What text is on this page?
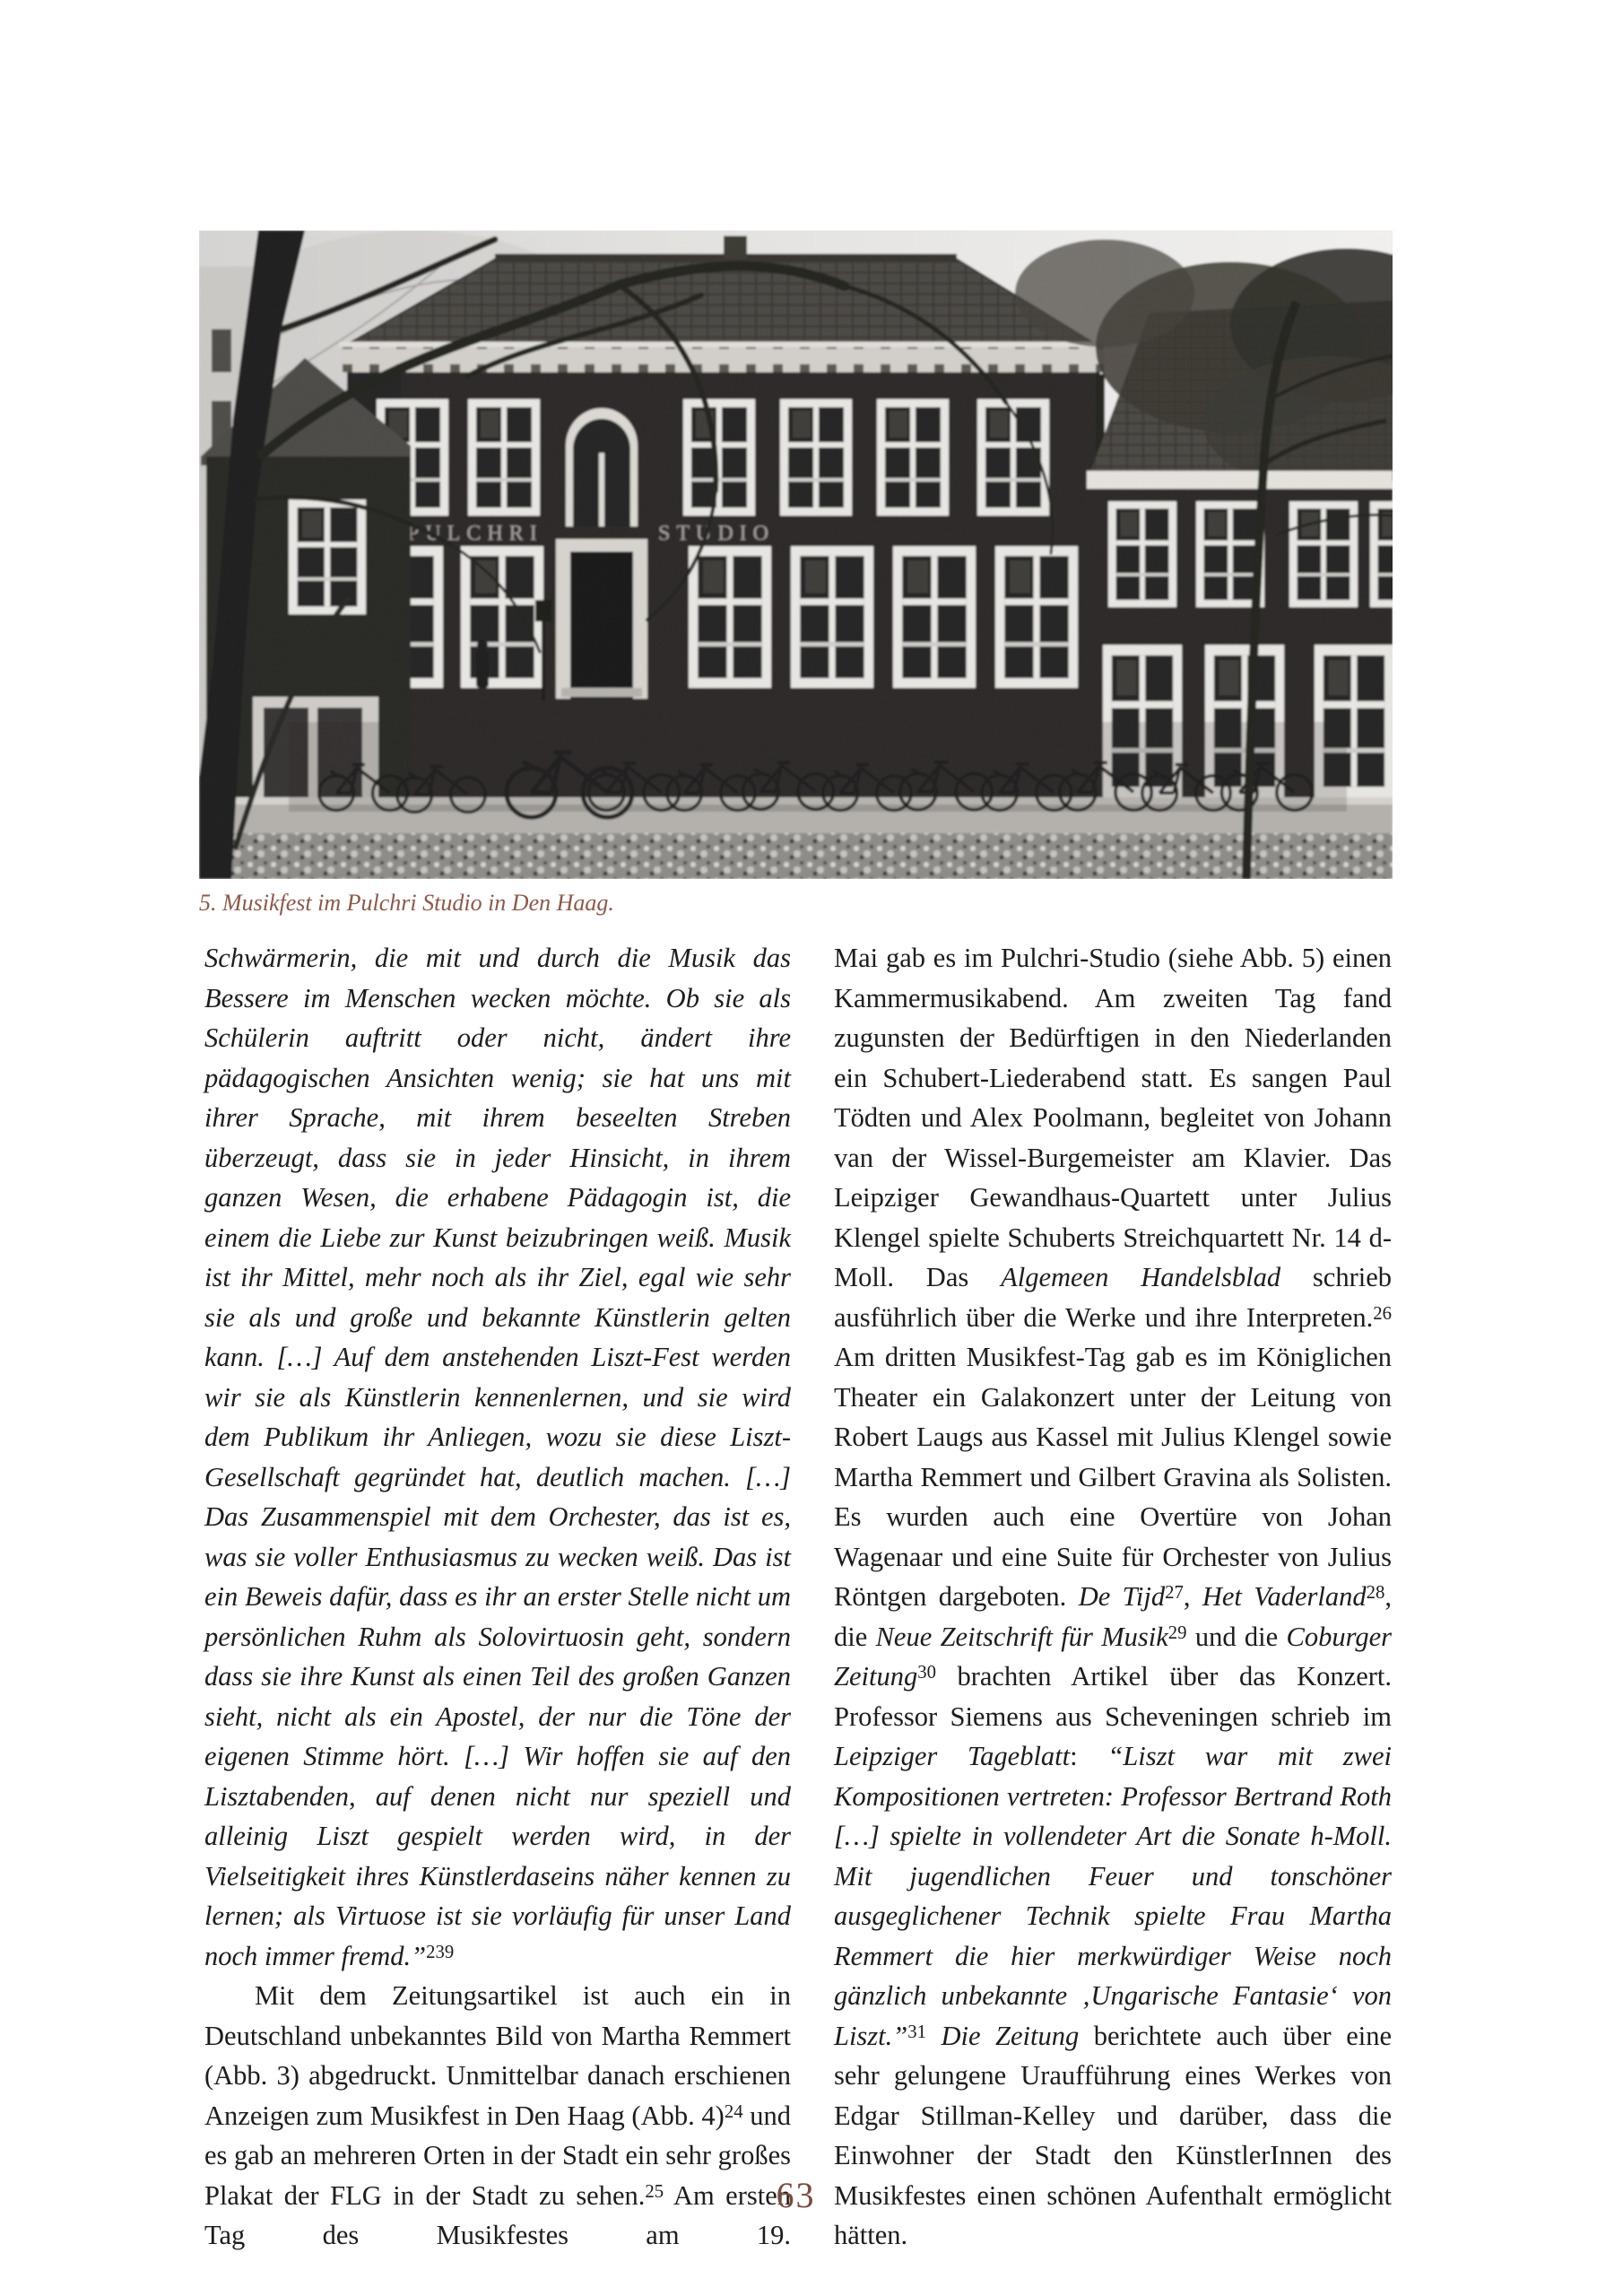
5. Musikfest im Pulchri Studio in Den Haag.

Schwärmerin, die mit und durch die Musik das Bessere im Menschen wecken möchte. Ob sie als Schülerin auftritt oder nicht, ändert ihre pädagogischen Ansichten wenig; sie hat uns mit ihrer Sprache, mit ihrem beseelten Streben überzeugt, dass sie in jeder Hinsicht, in ihrem ganzen Wesen, die erhabene Pädagogin ist, die einem die Liebe zur Kunst beizubringen weiß. Musik ist ihr Mittel, mehr noch als ihr Ziel, egal wie sehr sie als und große und bekannte Künstlerin gelten kann. […] Auf dem anstehenden Liszt-Fest werden wir sie als Künstlerin kennenlernen, und sie wird dem Publikum ihr Anliegen, wozu sie diese Liszt-Gesellschaft gegründet hat, deutlich machen. […] Das Zusammenspiel mit dem Orchester, das ist es, was sie voller Enthusiasmus zu wecken weiß. Das ist ein Beweis dafür, dass es ihr an erster Stelle nicht um persönlichen Ruhm als Solovirtuosin geht, sondern dass sie ihre Kunst als einen Teil des großen Ganzen sieht, nicht als ein Apostel, der nur die Töne der eigenen Stimme hört. […] Wir hoffen sie auf den Lisztabenden, auf denen nicht nur speziell und alleinig Liszt gespielt werden wird, in der Vielseitigkeit ihres Künstlerdaseins näher kennen zu lernen; als Virtuose ist sie vorläufig für unser Land noch immer fremd.”$^{239}$

Mit dem Zeitungsartikel ist auch ein in Deutschland unbekanntes Bild von Martha Remmert (Abb. 3) abgedruckt. Unmittelbar danach erschienen Anzeigen zum Musikfest in Den Haag (Abb. 4)$^{24}$ und es gab an mehreren Orten in der Stadt ein sehr großes Plakat der FLG in der Stadt zu sehen.$^{25}$ Am ersten Tag des Musikfestes am 19.

Mai gab es im Pulchri-Studio (siehe Abb. 5) einen Kammermusikabend. Am zweiten Tag fand zugunsten der Bedürftigen in den Niederlanden ein Schubert-Liederabend statt. Es sangen Paul Tödten und Alex Poolmann, begleitet von Johann van der Wissel-Burgemeister am Klavier. Das Leipziger Gewandhaus-Quartett unter Julius Klengel spielte Schuberts Streichquartett Nr. 14 d-Moll. Das Algemeen Handelsblad schrieb ausführlich über die Werke und ihre Interpreten.$^{26}$ Am dritten Musikfest-Tag gab es im Königlichen Theater ein Galakonzert unter der Leitung von Robert Laugs aus Kassel mit Julius Klengel sowie Martha Remmert und Gilbert Gravina als Solisten. Es wurden auch eine Overtüre von Johan Wagenaar und eine Suite für Orchester von Julius Röntgen dargeboten. De Tijd$^{27}$, Het Vaderland$^{28}$, die Neue Zeitschrift für Musik$^{29}$ und die Coburger Zeitung$^{30}$ brachten Artikel über das Konzert. Professor Siemens aus Scheveningen schrieb im Leipziger Tageblatt: “Liszt war mit zwei Kompositionen vertreten: Professor Bertrand Roth […] spielte in vollendeter Art die Sonate h-Moll. Mit jugendlichen Feuer und tonschöner ausgeglichener Technik spielte Frau Martha Remmert die hier merkwürdiger Weise noch gänzlich unbekannte ‚Ungarische Fantasie‘ von Liszt.”$^{31}$ Die Zeitung berichtete auch über eine sehr gelungene Uraufführung eines Werkes von Edgar Stillman-Kelley und darüber, dass die Einwohner der Stadt den KünstlerInnen des Musikfestes einen schönen Aufenthalt ermöglicht hätten.

63
